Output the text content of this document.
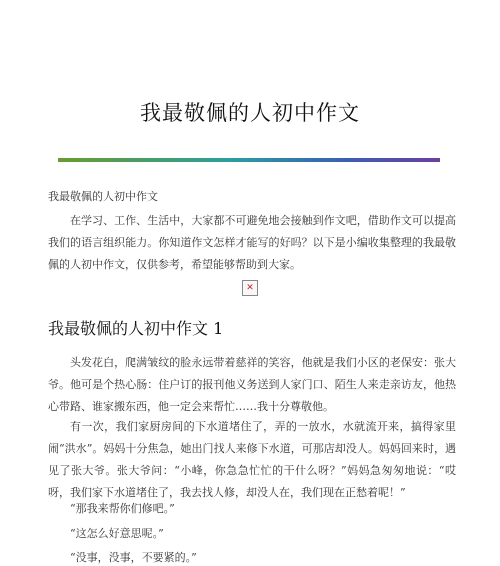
我最敬佩的人初中作文
我最敬佩的人初中作文

在学习、工作、生活中，大家都不可避免地会接触到作文吧，借助作文可以提高我们的语言组织能力。你知道作文怎样才能写的好吗？以下是小编收集整理的我最敬佩的人初中作文，仅供参考，希望能够帮助到大家。

✕
我最敬佩的人初中作文 1

头发花白，爬满皱纹的脸永远带着慈祥的笑容，他就是我们小区的老保安：张大爷。他可是个热心肠：住户订的报刊他义务送到人家门口、陌生人来走亲访友，他热心带路、谁家搬东西，他一定会来帮忙……我十分尊敬他。

有一次，我们家厨房间的下水道堵住了，弄的一放水，水就流开来，搞得家里闹“洪水”。妈妈十分焦急，她出门找人来修下水道，可那店却没人。妈妈回来时，遇见了张大爷。张大爷问：“小峰，你急急忙忙的干什么呀？”妈妈急匆匆地说：“哎呀，我们家下水道堵住了，我去找人修，却没人在，我们现在正愁着呢！”

“那我来帮你们修吧。”
“这怎么好意思呢。”
“没事，没事，不要紧的。”
